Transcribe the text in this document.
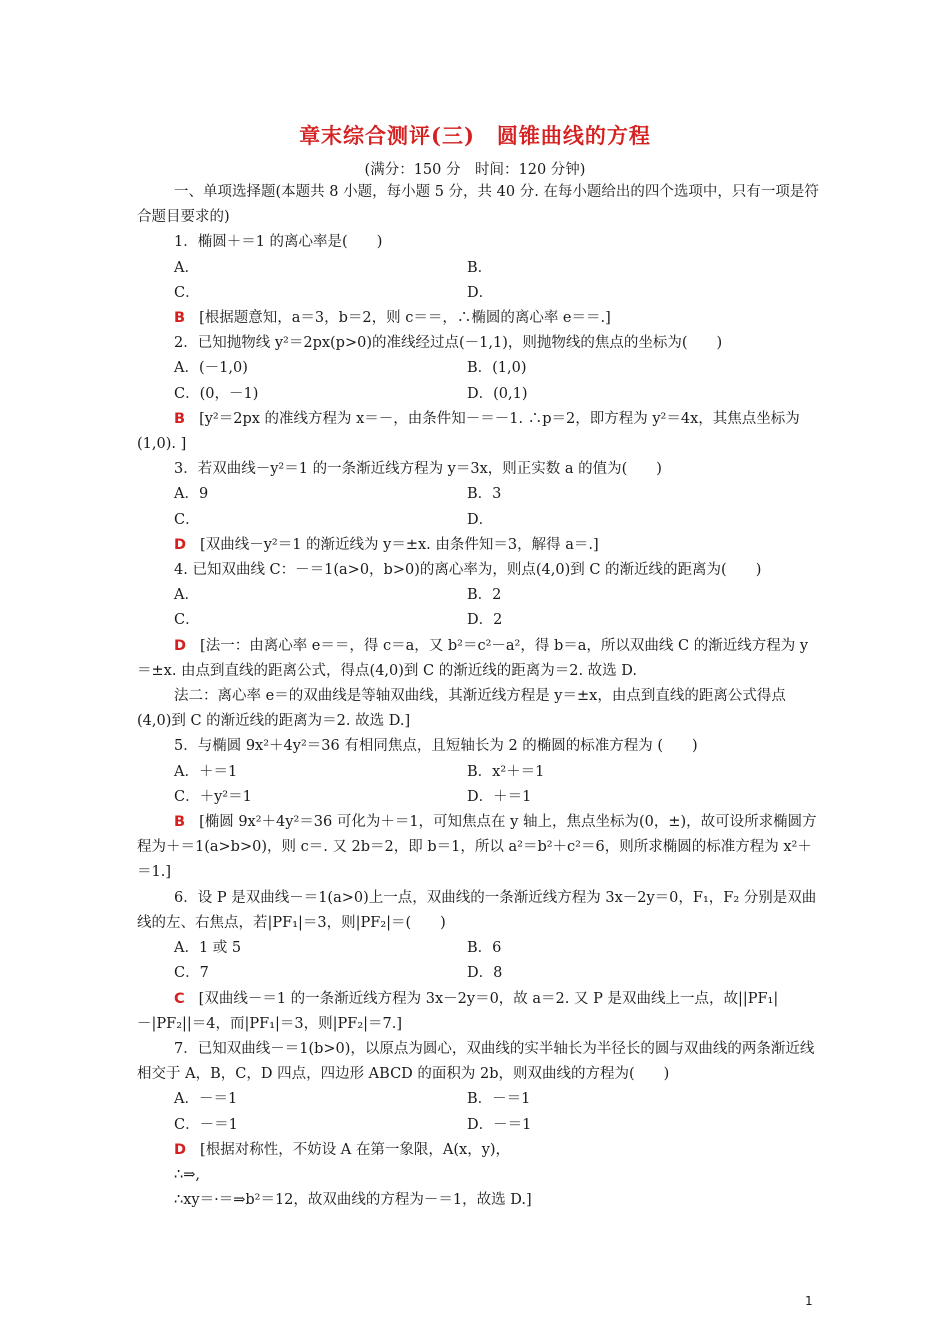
章末综合测评(三)　圆锥曲线的方程
(满分：150 分　时间：120 分钟)

一、单项选择题(本题共 8 小题，每小题 5 分，共 40 分. 在每小题给出的四个选项中，只有一项是符合题目要求的)

1．椭圆＋＝1 的离心率是(　　)

A．	B．
C．	D．

B [根据题意知，a＝3，b＝2，则 c＝＝，∴椭圆的离心率 e＝＝.]

2．已知抛物线 y²＝2px(p>0)的准线经过点(－1,1)，则抛物线的焦点的坐标为(　　)

A．(－1,0)	B．(1,0)
C．(0，－1)	D．(0,1)

B [y²＝2px 的准线方程为 x＝－，由条件知－＝－1. ∴p＝2，即方程为 y²＝4x，其焦点坐标为(1,0). ]

3．若双曲线－y²＝1 的一条渐近线方程为 y＝3x，则正实数 a 的值为(　　)

A．9	B．3
C．	D．

D [双曲线－y²＝1 的渐近线为 y＝±x. 由条件知＝3，解得 a＝.]

4. 已知双曲线 C：－＝1(a>0，b>0)的离心率为，则点(4,0)到 C 的渐近线的距离为(　　)

A．	B．2
C．	D．2

D [法一：由离心率 e＝＝，得 c＝a，又 b²＝c²－a²，得 b＝a，所以双曲线 C 的渐近线方程为 y＝±x. 由点到直线的距离公式，得点(4,0)到 C 的渐近线的距离为＝2. 故选 D.

法二：离心率 e＝的双曲线是等轴双曲线，其渐近线方程是 y＝±x，由点到直线的距离公式得点(4,0)到 C 的渐近线的距离为＝2. 故选 D.]

5．与椭圆 9x²＋4y²＝36 有相同焦点，且短轴长为 2 的椭圆的标准方程为 (　　)

A．＋＝1	B．x²＋＝1
C．＋y²＝1	D．＋＝1

B [椭圆 9x²＋4y²＝36 可化为＋＝1，可知焦点在 y 轴上，焦点坐标为(0，±)，故可设所求椭圆方程为＋＝1(a>b>0)，则 c＝. 又 2b＝2，即 b＝1，所以 a²＝b²＋c²＝6，则所求椭圆的标准方程为 x²＋＝1.]

6．设 P 是双曲线－＝1(a>0)上一点，双曲线的一条渐近线方程为 3x－2y＝0，F₁，F₂ 分别是双曲线的左、右焦点，若|PF₁|＝3，则|PF₂|＝(　　)

A．1 或 5	B．6
C．7	D．8

C [双曲线－＝1 的一条渐近线方程为 3x－2y＝0，故 a＝2. 又 P 是双曲线上一点，故||PF₁|－|PF₂||＝4，而|PF₁|＝3，则|PF₂|＝7.]

7．已知双曲线－＝1(b>0)，以原点为圆心，双曲线的实半轴长为半径长的圆与双曲线的两条渐近线相交于 A，B，C，D 四点，四边形 ABCD 的面积为 2b，则双曲线的方程为(　　)

A．－＝1	B．－＝1
C．－＝1	D．－＝1

D [根据对称性，不妨设 A 在第一象限，A(x，y)，

∴⇒,

∴xy＝·＝⇒b²＝12，故双曲线的方程为－＝1，故选 D.]

1
